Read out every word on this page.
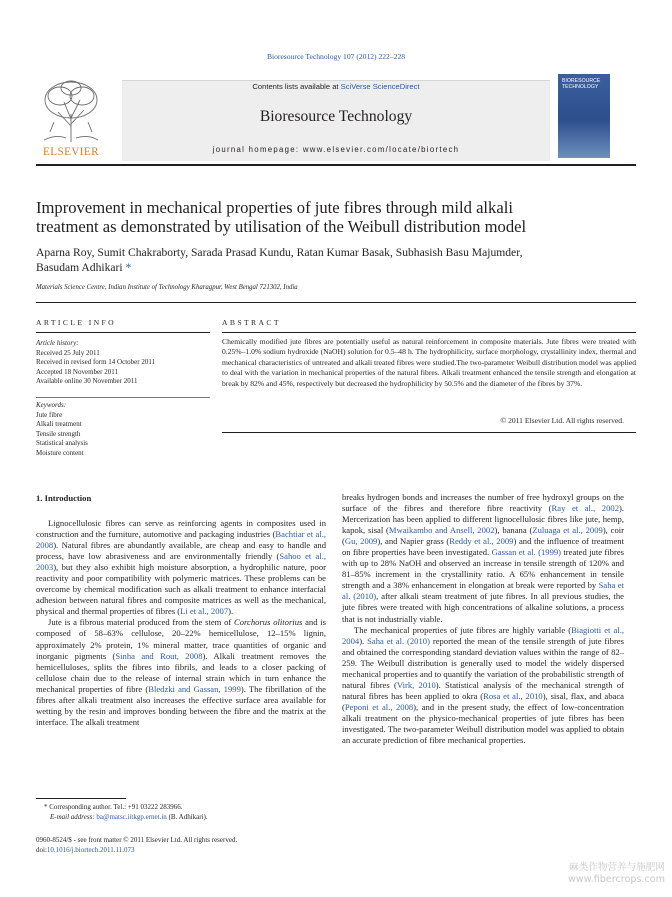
Bioresource Technology 107 (2012) 222–228
ELSEVIER
Contents lists available at SciVerse ScienceDirect
Bioresource Technology
journal homepage: www.elsevier.com/locate/biortech
BIORESOURCE TECHNOLOGY
Improvement in mechanical properties of jute fibres through mild alkali
treatment as demonstrated by utilisation of the Weibull distribution model
Aparna Roy, Sumit Chakraborty, Sarada Prasad Kundu, Ratan Kumar Basak, Subhasish Basu Majumder,
Basudam Adhikari *
Materials Science Centre, Indian Institute of Technology Kharagpur, West Bengal 721302, India
ARTICLE INFO	ABSTRACT
Article history:
Received 25 July 2011
Received in revised form 14 October 2011
Accepted 18 November 2011
Available online 30 November 2011
Keywords:
Jute fibre
Alkali treatment
Tensile strength
Statistical analysis
Moisture content
Chemically modified jute fibres are potentially useful as natural reinforcement in composite materials. Jute fibres were treated with 0.25%–1.0% sodium hydroxide (NaOH) solution for 0.5–48 h. The hydrophilicity, surface morphology, crystallinity index, thermal and mechanical characteristics of untreated and alkali treated fibres were studied.The two-parameter Weibull distribution model was applied to deal with the variation in mechanical properties of the natural fibres. Alkali treatment enhanced the tensile strength and elongation at break by 82% and 45%, respectively but decreased the hydrophilicity by 50.5% and the diameter of the fibres by 37%.
© 2011 Elsevier Ltd. All rights reserved.
1. Introduction

Lignocellulosic fibres can serve as reinforcing agents in composites used in construction and the furniture, automotive and packaging industries (Bachtiar et al., 2008). Natural fibres are abundantly available, are cheap and easy to handle and process, have low abrasiveness and are environmentally friendly (Sahoo et al., 2003), but they also exhibit high moisture absorption, a hydrophilic nature, poor reactivity and poor compatibility with polymeric matrices. These problems can be overcome by chemical modification such as alkali treatment to enhance interfacial adhesion between natural fibres and composite matrices as well as the mechanical, physical and thermal properties of fibres (Li et al., 2007).

Jute is a fibrous material produced from the stem of Corchorus olitorius and is composed of 58–63% cellulose, 20–22% hemicellulose, 12–15% lignin, approximately 2% protein, 1% mineral matter, trace quantities of organic and inorganic pigments (Sinha and Rout, 2008). Alkali treatment removes the hemicelluloses, splits the fibres into fibrils, and leads to a closer packing of cellulose chain due to the release of internal strain which in turn enhance the mechanical properties of fibre (Bledzki and Gassan, 1999). The fibrillation of the fibres after alkali treatment also increases the effective surface area available for wetting by the resin and improves bonding between the fibre and the matrix at the interface. The alkali treatment

breaks hydrogen bonds and increases the number of free hydroxyl groups on the surface of the fibres and therefore fibre reactivity (Ray et al., 2002). Mercerization has been applied to different lignocellulosic fibres like jute, hemp, kapok, sisal (Mwaikambo and Ansell, 2002), banana (Zuluaga et al., 2009), coir (Gu, 2009), and Napier grass (Reddy et al., 2009) and the influence of treatment on fibre properties have been investigated. Gassan et al. (1999) treated jute fibres with up to 28% NaOH and observed an increase in tensile strength of 120% and 81–85% increment in the crystallinity ratio. A 65% enhancement in tensile strength and a 38% enhancement in elongation at break were reported by Saha et al. (2010), after alkali steam treatment of jute fibres. In all previous studies, the jute fibres were treated with high concentrations of alkaline solutions, a process that is not industrially viable.

The mechanical properties of jute fibres are highly variable (Biagiotti et al., 2004). Saha et al. (2010) reported the mean of the tensile strength of jute fibres and obtained the corresponding standard deviation values within the range of 82–259. The Weibull distribution is generally used to model the widely dispersed mechanical properties and to quantify the variation of the probabilistic strength of natural fibres (Virk, 2010). Statistical analysis of the mechanical strength of natural fibres has been applied to okra (Rosa et al., 2010), sisal, flax, and abaca (Peponi et al., 2008), and in the present study, the effect of low-concentration alkali treatment on the physico-mechanical properties of jute fibres has been investigated. The two-parameter Weibull distribution model was applied to obtain an accurate prediction of fibre mechanical properties.

* Corresponding author. Tel.: +91 03222 283966.
E-mail address: ba@matsc.iitkgp.ernet.in (B. Adhikari).
0960-8524/$ - see front matter © 2011 Elsevier Ltd. All rights reserved.
doi:10.1016/j.biortech.2011.11.073
麻类作物营养与施肥网
www.fibercrops.com
